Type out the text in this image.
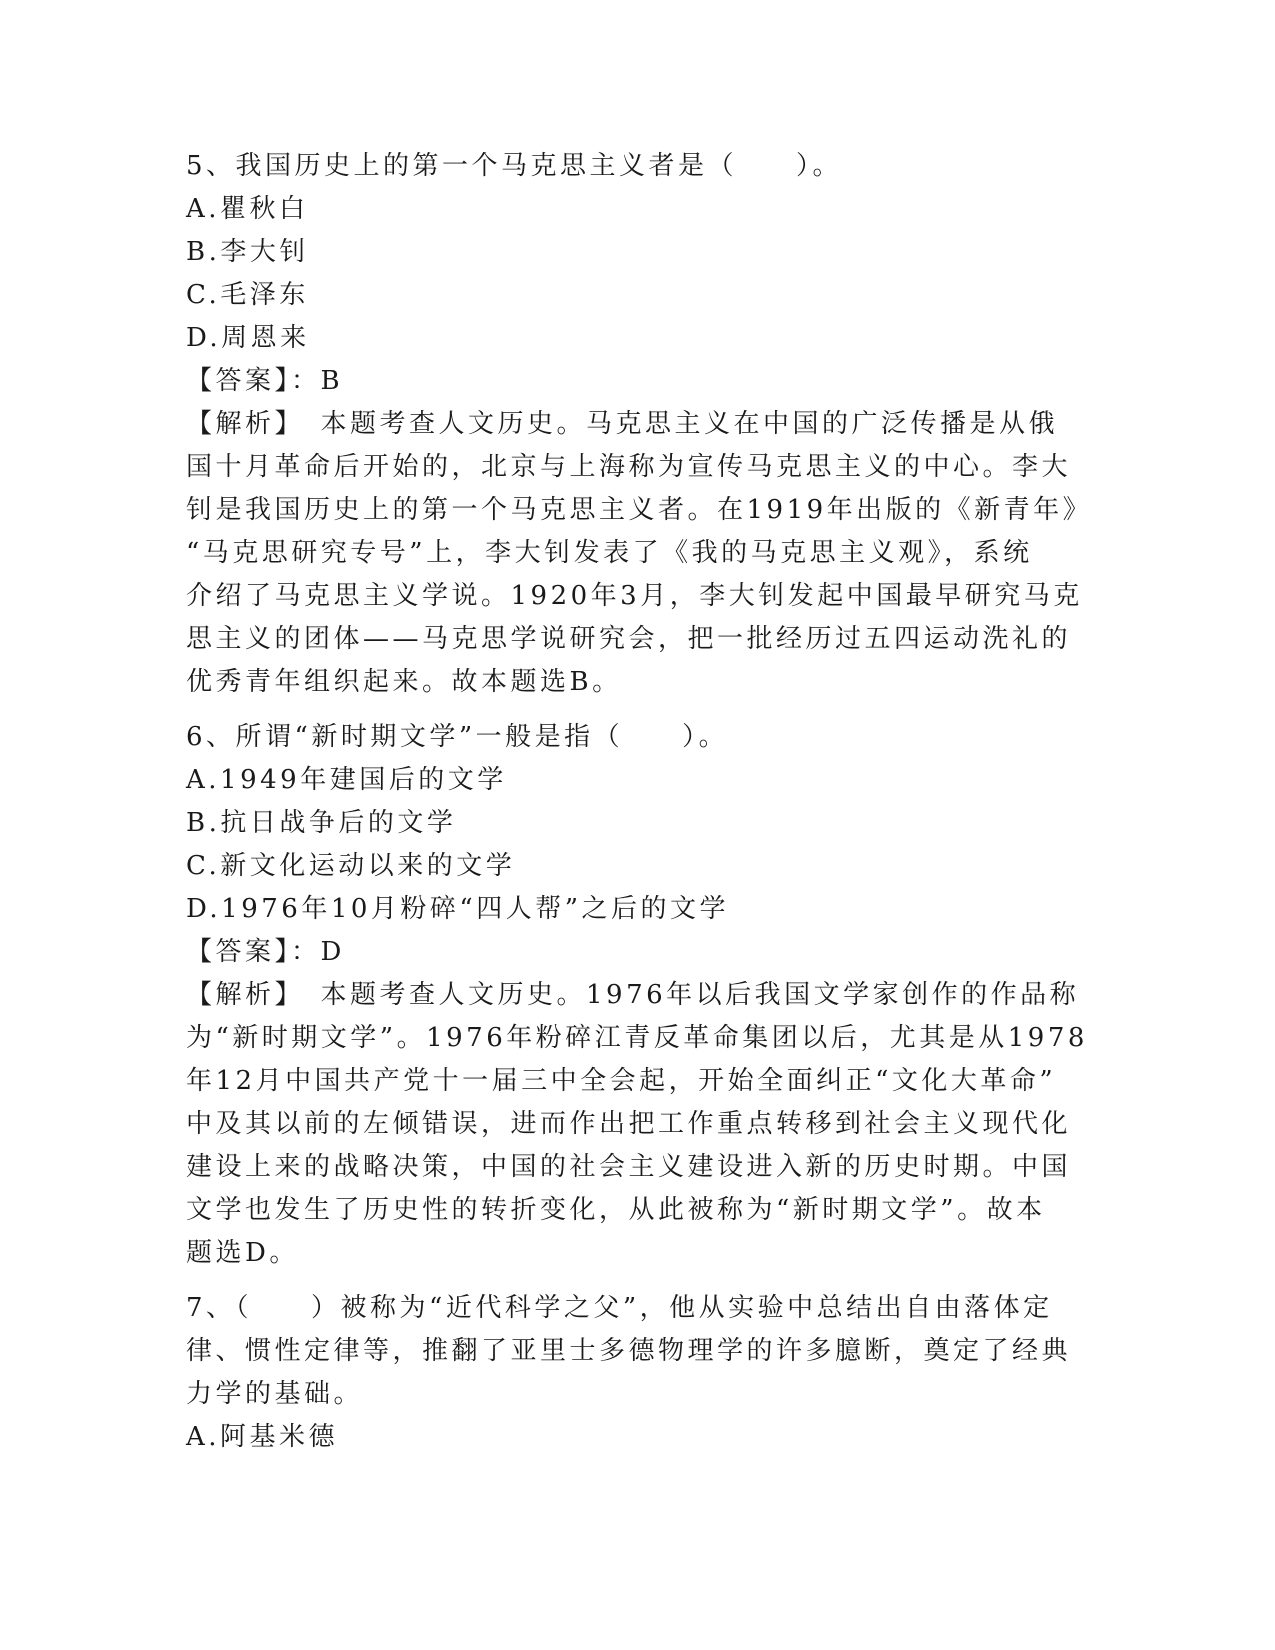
5、我国历史上的第一个马克思主义者是（　　）。
A.瞿秋白
B.李大钊
C.毛泽东
D.周恩来
【答案】：B
【解析】　本题考查人文历史。马克思主义在中国的广泛传播是从俄
国十月革命后开始的，北京与上海称为宣传马克思主义的中心。李大
钊是我国历史上的第一个马克思主义者。在1919年出版的《新青年》
“马克思研究专号”上，李大钊发表了《我的马克思主义观》，系统
介绍了马克思主义学说。1920年3月，李大钊发起中国最早研究马克
思主义的团体——马克思学说研究会，把一批经历过五四运动洗礼的
优秀青年组织起来。故本题选B。
6、所谓“新时期文学”一般是指（　　）。
A.1949年建国后的文学
B.抗日战争后的文学
C.新文化运动以来的文学
D.1976年10月粉碎“四人帮”之后的文学
【答案】：D
【解析】　本题考查人文历史。1976年以后我国文学家创作的作品称
为“新时期文学”。1976年粉碎江青反革命集团以后，尤其是从1978
年12月中国共产党十一届三中全会起，开始全面纠正“文化大革命”
中及其以前的左倾错误，进而作出把工作重点转移到社会主义现代化
建设上来的战略决策，中国的社会主义建设进入新的历史时期。中国
文学也发生了历史性的转折变化，从此被称为“新时期文学”。故本
题选D。
7、（　　）被称为“近代科学之父”，他从实验中总结出自由落体定
律、惯性定律等，推翻了亚里士多德物理学的许多臆断，奠定了经典
力学的基础。
A.阿基米德
